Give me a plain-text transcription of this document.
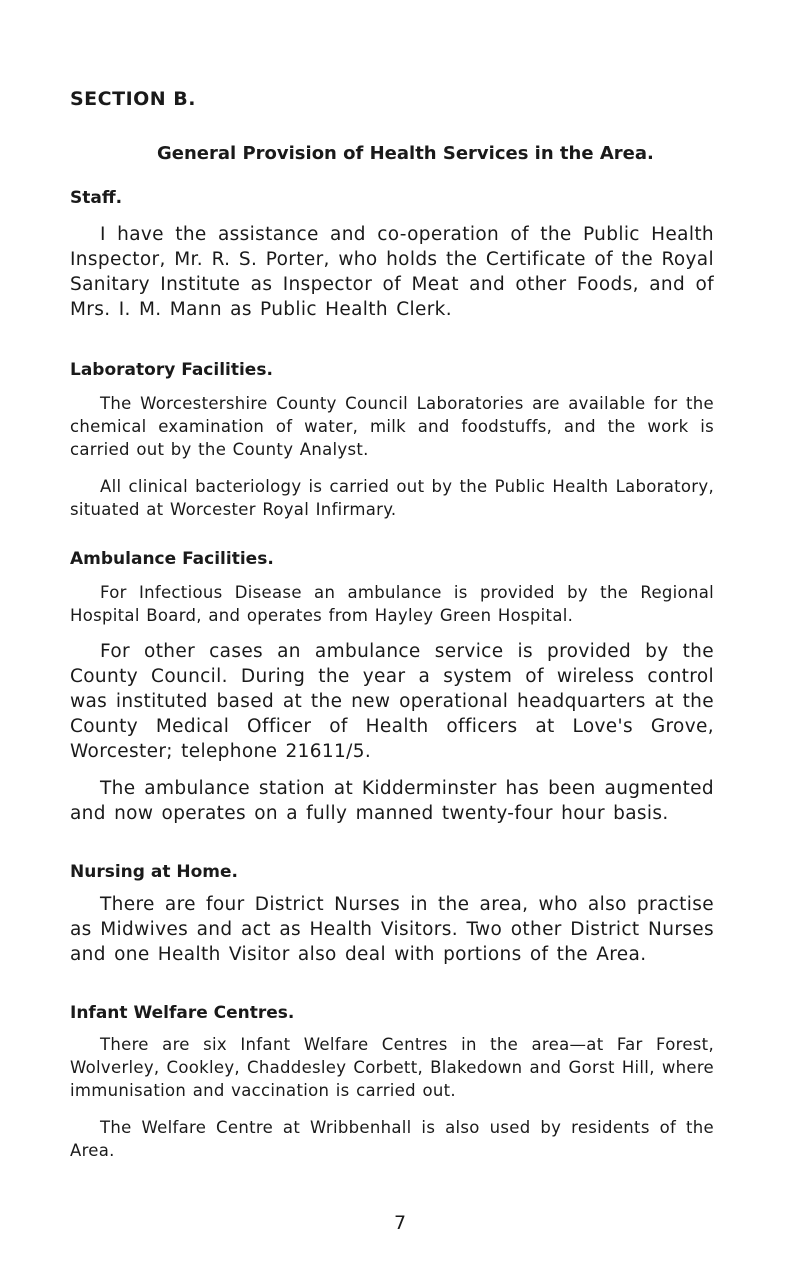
SECTION B.

General Provision of Health Services in the Area.

Staff.

I have the assistance and co-operation of the Public Health Inspector, Mr. R. S. Porter, who holds the Certificate of the Royal Sanitary Institute as Inspector of Meat and other Foods, and of Mrs. I. M. Mann as Public Health Clerk.

Laboratory Facilities.

The Worcestershire County Council Laboratories are available for the chemical examination of water, milk and foodstuffs, and the work is carried out by the County Analyst.

All clinical bacteriology is carried out by the Public Health Laboratory, situated at Worcester Royal Infirmary.

Ambulance Facilities.

For Infectious Disease an ambulance is provided by the Regional Hospital Board, and operates from Hayley Green Hospital.

For other cases an ambulance service is provided by the County Council. During the year a system of wireless control was instituted based at the new operational headquarters at the County Medical Officer of Health officers at Love's Grove, Worcester; telephone 21611/5.

The ambulance station at Kidderminster has been augmented and now operates on a fully manned twenty-four hour basis.

Nursing at Home.

There are four District Nurses in the area, who also practise as Midwives and act as Health Visitors. Two other District Nurses and one Health Visitor also deal with portions of the Area.

Infant Welfare Centres.

There are six Infant Welfare Centres in the area—at Far Forest, Wolverley, Cookley, Chaddesley Corbett, Blakedown and Gorst Hill, where immunisation and vaccination is carried out.

The Welfare Centre at Wribbenhall is also used by residents of the Area.

7
